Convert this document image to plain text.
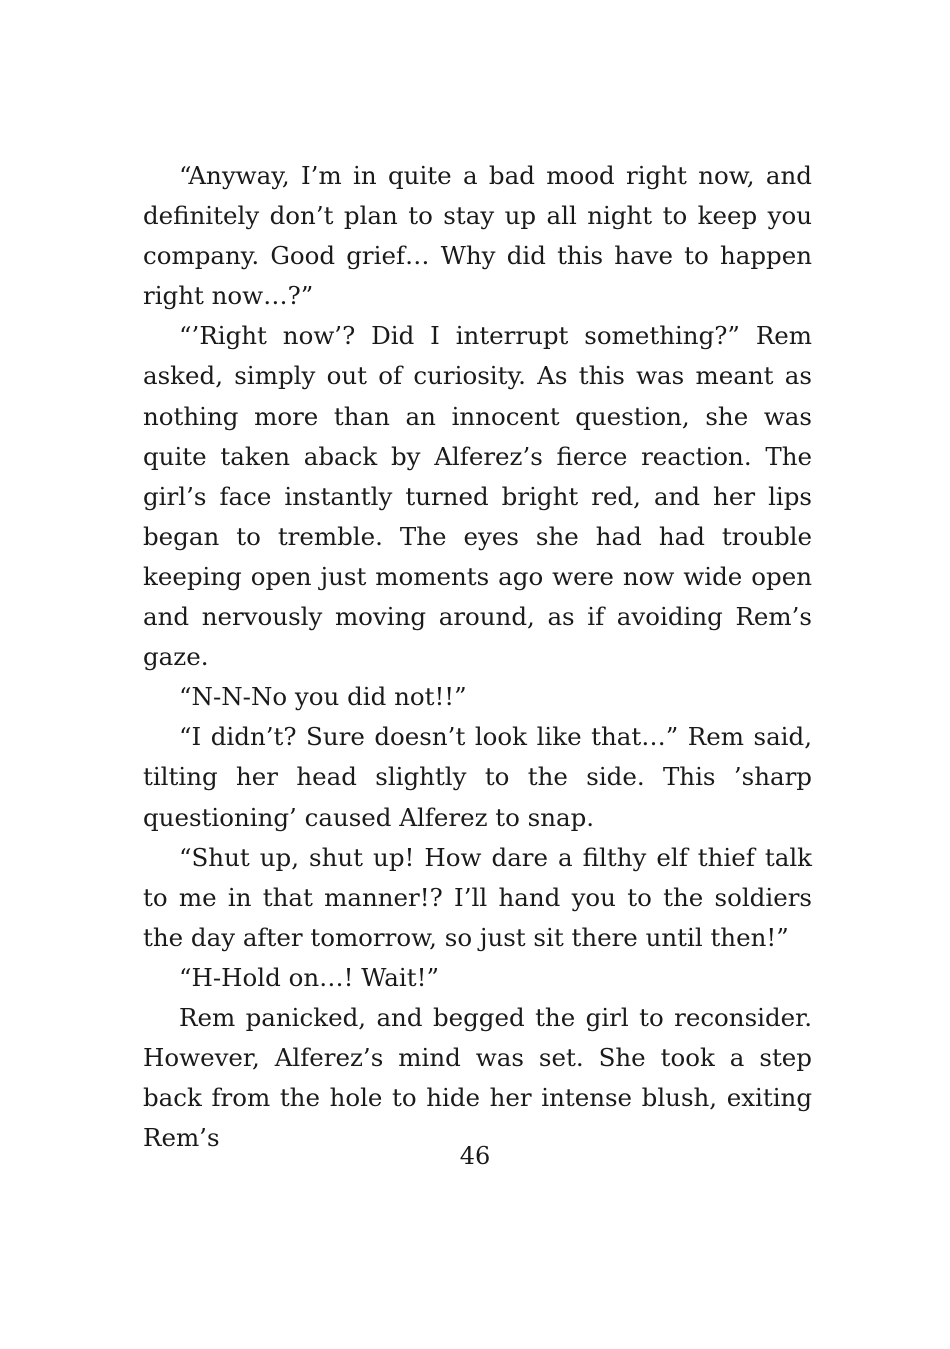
“Anyway, I’m in quite a bad mood right now, and definitely don’t plan to stay up all night to keep you company. Good grief… Why did this have to happen right now…?”

“’Right now’? Did I interrupt something?” Rem asked, simply out of curiosity. As this was meant as nothing more than an innocent question, she was quite taken aback by Alferez’s fierce reaction. The girl’s face instantly turned bright red, and her lips began to tremble. The eyes she had had trouble keeping open just moments ago were now wide open and nervously moving around, as if avoiding Rem’s gaze.

“N-N-No you did not!!”

“I didn’t? Sure doesn’t look like that…” Rem said, tilting her head slightly to the side. This ’sharp questioning’ caused Alferez to snap.

“Shut up, shut up! How dare a filthy elf thief talk to me in that manner!? I’ll hand you to the soldiers the day after tomorrow, so just sit there until then!”

“H-Hold on…! Wait!”

Rem panicked, and begged the girl to reconsider. However, Alferez’s mind was set. She took a step back from the hole to hide her intense blush, exiting Rem’s

46
